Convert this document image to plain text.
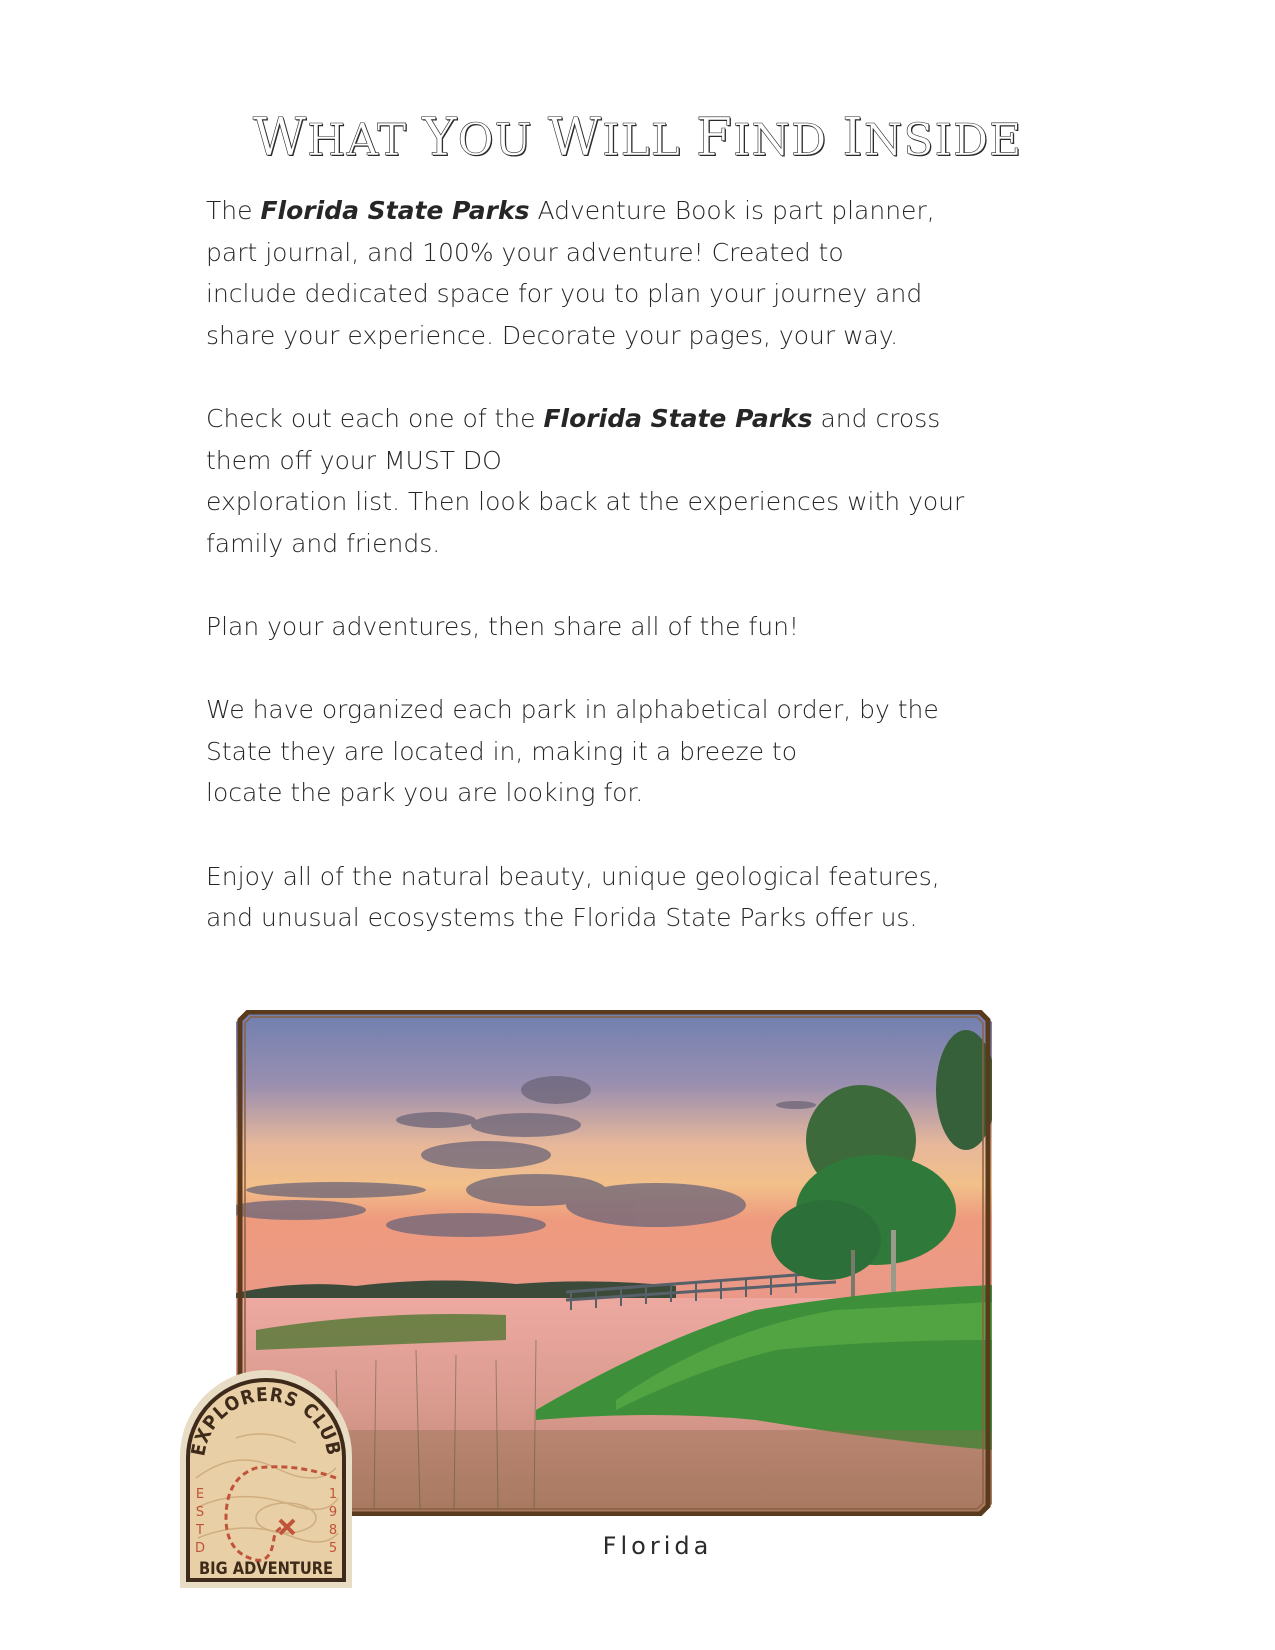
WHAT YOU WILL FIND INSIDE
The Florida State Parks Adventure Book is part planner,
part journal, and 100% your adventure! Created to
include dedicated space for you to plan your journey and
share your experience. Decorate your pages, your way.
Check out each one of the Florida State Parks and cross
them off your MUST DO
exploration list. Then look back at the experiences with your
family and friends.
Plan your adventures, then share all of the fun!
We have organized each park in alphabetical order, by the
State they are located in, making it a breeze to
locate the park you are looking for.
Enjoy all of the natural beauty, unique geological features,
and unusual ecosystems the Florida State Parks offer us.
Florida
EXPLORERS CLUB
E
S
T
D
1
9
8
5
BIG ADVENTURE
